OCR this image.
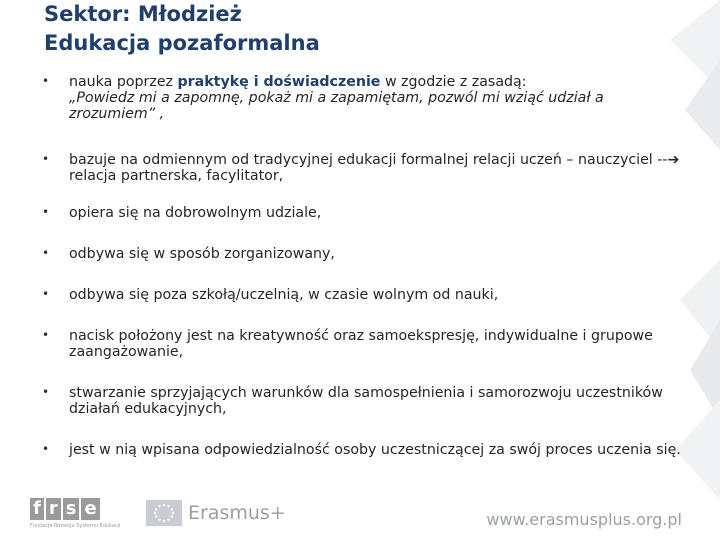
Sektor: Młodzież
Edukacja pozaformalna
• nauka poprzez praktykę i doświadczenie w zgodzie z zasadą:
„Powiedz mi a zapomnę, pokaż mi a zapamiętam, pozwól mi wziąć udział a zrozumiem” ,
• bazuje na odmiennym od tradycyjnej edukacji formalnej relacji uczeń – nauczyciel --➔ relacja partnerska, facylitator,
• opiera się na dobrowolnym udziale,
• odbywa się w sposób zorganizowany,
• odbywa się poza szkołą/uczelnią, w czasie wolnym od nauki,
• nacisk położony jest na kreatywność oraz samoekspresję, indywidualne i grupowe zaangażowanie,
• stwarzanie sprzyjających warunków dla samospełnienia i samorozwoju uczestników działań edukacyjnych,
• jest w nią wpisana odpowiedzialność osoby uczestniczącej za swój proces uczenia się.
f r s e
Fundacja Rozwoju Systemu Edukacji
Erasmus+	www.erasmusplus.org.pl
